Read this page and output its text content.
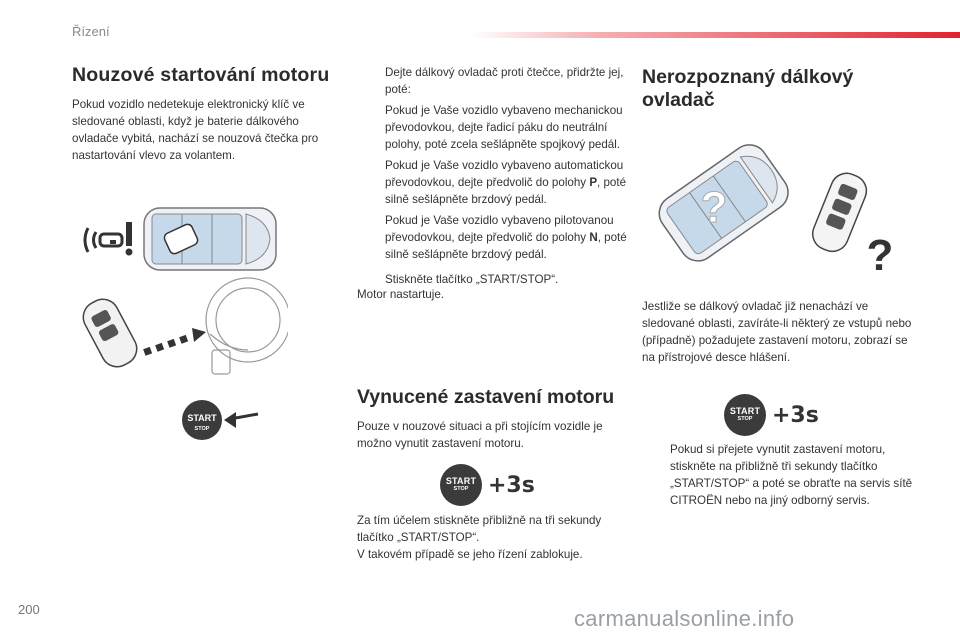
Řízení
Nouzové startování motoru
Pokud vozidlo nedetekuje elektronický klíč ve sledované oblasti, když je baterie dálkového ovladače vybitá, nachází se nouzová čtečka pro nastartování vlevo za volantem.
START
STOP
Dejte dálkový ovladač proti čtečce, přidržte jej, poté:
Pokud je Vaše vozidlo vybaveno mechanickou převodovkou, dejte řadicí páku do neutrální polohy, poté zcela sešlápněte spojkový pedál.
Pokud je Vaše vozidlo vybaveno automatickou převodovkou, dejte předvolič do polohy P, poté silně sešlápněte brzdový pedál.
Pokud je Vaše vozidlo vybaveno pilotovanou převodovkou, dejte předvolič do polohy N, poté silně sešlápněte brzdový pedál.
Stiskněte tlačítko „START/STOP“.
Motor nastartuje.
Vynucené zastavení motoru
Pouze v nouzové situaci a při stojícím vozidle je možno vynutit zastavení motoru.
START
STOP +3s
Za tím účelem stiskněte přibližně na tři sekundy tlačítko „START/STOP“.
V takovém případě se jeho řízení zablokuje.
Nerozpoznaný dálkový ovladač
?
?
Jestliže se dálkový ovladač již nenachází ve sledované oblasti, zavíráte-li některý ze vstupů nebo (případně) požadujete zastavení motoru, zobrazí se na přístrojové desce hlášení.
START
STOP +3s
Pokud si přejete vynutit zastavení motoru, stiskněte na přibližně tři sekundy tlačítko „START/STOP“ a poté se obraťte na servis sítě CITROËN nebo na jiný odborný servis.
200	carmanualsonline.info
